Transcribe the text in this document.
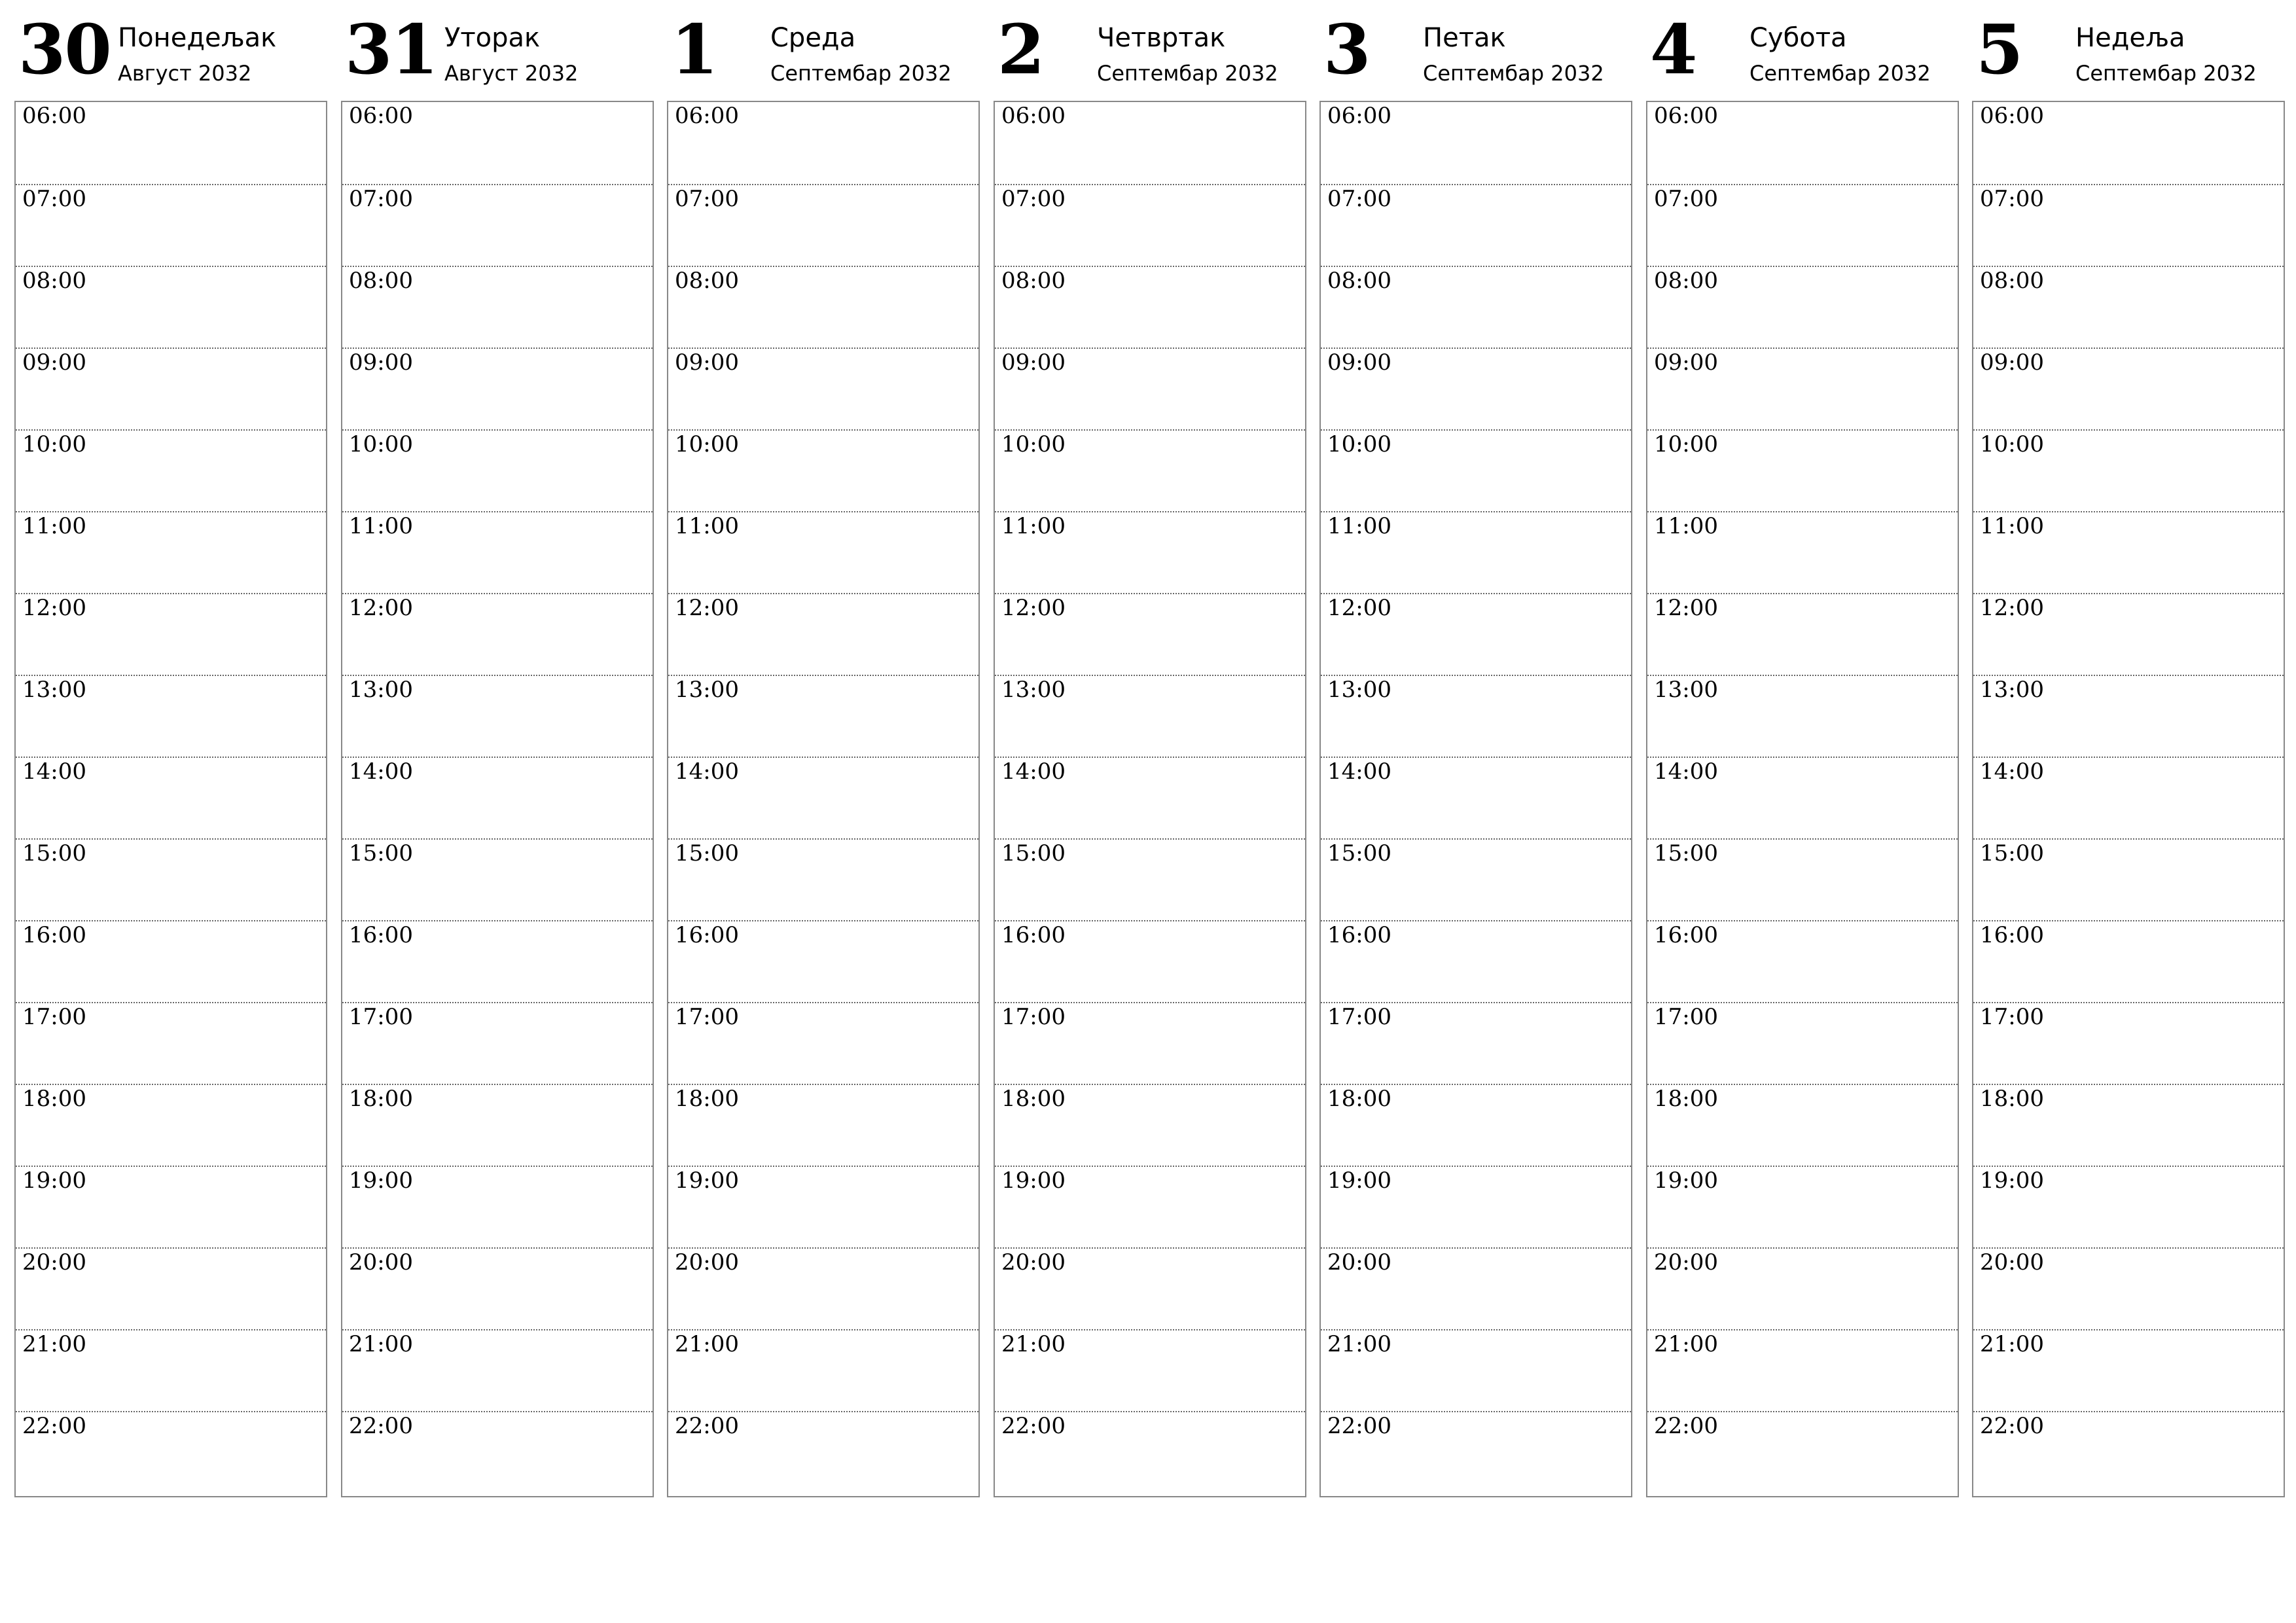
30 Понедељак
Август 2032
06:00
07:00
08:00
09:00
10:00
11:00
12:00
13:00
14:00
15:00
16:00
17:00
18:00
19:00
20:00
21:00
22:00
31 Уторак
Август 2032
06:00
07:00
08:00
09:00
10:00
11:00
12:00
13:00
14:00
15:00
16:00
17:00
18:00
19:00
20:00
21:00
22:00
1 Среда
Септембар 2032
06:00
07:00
08:00
09:00
10:00
11:00
12:00
13:00
14:00
15:00
16:00
17:00
18:00
19:00
20:00
21:00
22:00
2 Четвртак
Септембар 2032
06:00
07:00
08:00
09:00
10:00
11:00
12:00
13:00
14:00
15:00
16:00
17:00
18:00
19:00
20:00
21:00
22:00
3 Петак
Септембар 2032
06:00
07:00
08:00
09:00
10:00
11:00
12:00
13:00
14:00
15:00
16:00
17:00
18:00
19:00
20:00
21:00
22:00
4 Субота
Септембар 2032
06:00
07:00
08:00
09:00
10:00
11:00
12:00
13:00
14:00
15:00
16:00
17:00
18:00
19:00
20:00
21:00
22:00
5 Недеља
Септембар 2032
06:00
07:00
08:00
09:00
10:00
11:00
12:00
13:00
14:00
15:00
16:00
17:00
18:00
19:00
20:00
21:00
22:00
